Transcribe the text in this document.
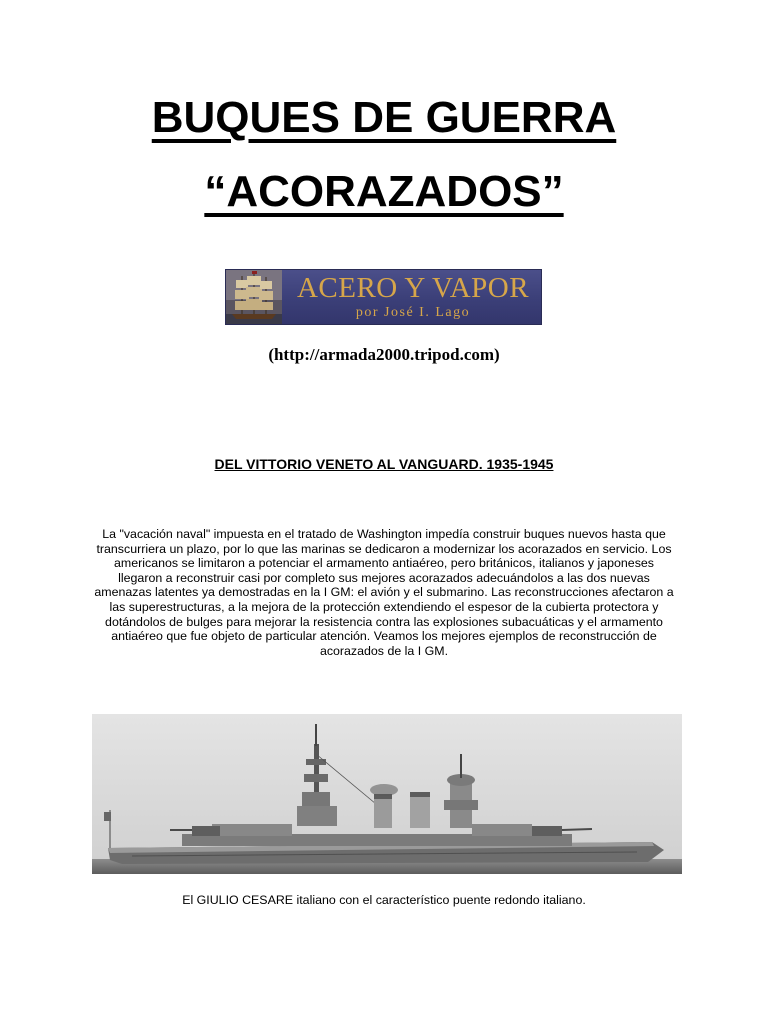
BUQUES DE GUERRA
“ACORAZADOS”
ACERO Y VAPOR
por José I. Lago
(http://armada2000.tripod.com)
DEL VITTORIO VENETO AL VANGUARD. 1935-1945
La "vacación naval" impuesta en el tratado de Washington impedía construir buques nuevos hasta que transcurriera un plazo, por lo que las marinas se dedicaron a modernizar los acorazados en servicio. Los americanos se limitaron a potenciar el armamento antiaéreo, pero británicos, italianos y japoneses llegaron a reconstruir casi por completo sus mejores acorazados adecuándolos a las dos nuevas amenazas latentes ya demostradas en la I GM: el avión y el submarino. Las reconstrucciones afectaron a las superestructuras, a la mejora de la protección extendiendo el espesor de la cubierta protectora y dotándolos de bulges para mejorar la resistencia contra las explosiones subacuáticas y el armamento antiaéreo que fue objeto de particular atención. Veamos los mejores ejemplos de reconstrucción de acorazados de la I GM.
El GIULIO CESARE italiano con el característico puente redondo italiano.
